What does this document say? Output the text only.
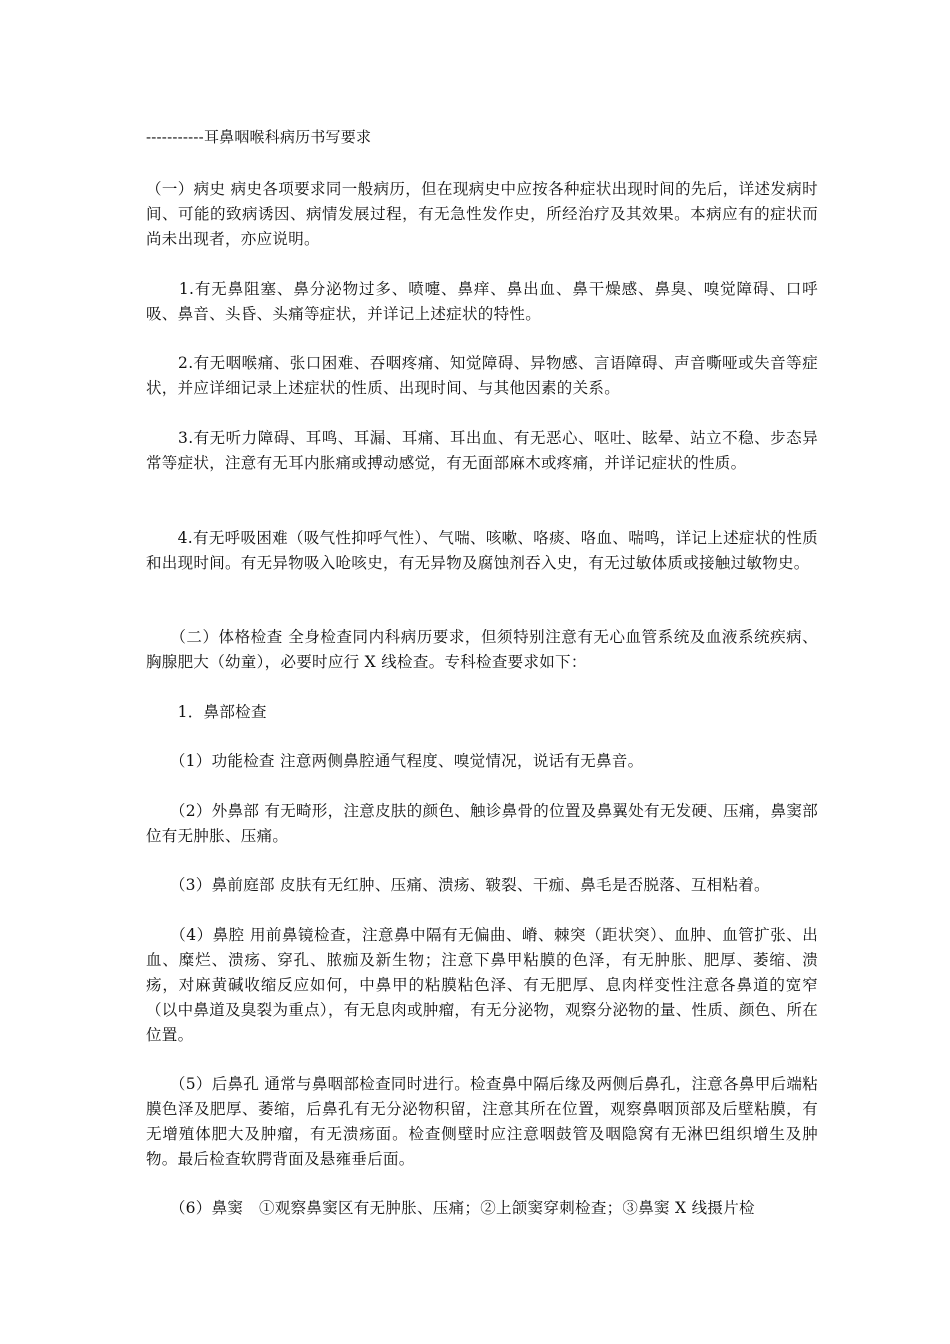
-----------耳鼻咽喉科病历书写要求
（一）病史 病史各项要求同一般病历，但在现病史中应按各种症状出现时间的先后，详述发病时间、可能的致病诱因、病情发展过程，有无急性发作史，所经治疗及其效果。本病应有的症状而尚未出现者，亦应说明。
　　1.有无鼻阻塞、鼻分泌物过多、喷嚏、鼻痒、鼻出血、鼻干燥感、鼻臭、嗅觉障碍、口呼吸、鼻音、头昏、头痛等症状，并详记上述症状的特性。
　　2.有无咽喉痛、张口困难、吞咽疼痛、知觉障碍、异物感、言语障碍、声音嘶哑或失音等症状，并应详细记录上述症状的性质、出现时间、与其他因素的关系。
　　3.有无听力障碍、耳鸣、耳漏、耳痛、耳出血、有无恶心、呕吐、眩晕、站立不稳、步态异常等症状，注意有无耳内胀痛或搏动感觉，有无面部麻木或疼痛，并详记症状的性质。
　　4.有无呼吸困难（吸气性抑呼气性）、气喘、咳嗽、咯痰、咯血、喘鸣，详记上述症状的性质和出现时间。有无异物吸入呛咳史，有无异物及腐蚀剂吞入史，有无过敏体质或接触过敏物史。
　　（二）体格检查 全身检查同内科病历要求，但须特别注意有无心血管系统及血液系统疾病、胸腺肥大（幼童），必要时应行 X 线检查。专科检查要求如下：
　　1．鼻部检查
　　（1）功能检查 注意两侧鼻腔通气程度、嗅觉情况，说话有无鼻音。
　　（2）外鼻部 有无畸形，注意皮肤的颜色、触诊鼻骨的位置及鼻翼处有无发硬、压痛，鼻窦部位有无肿胀、压痛。
　　（3）鼻前庭部 皮肤有无红肿、压痛、溃疡、皲裂、干痂、鼻毛是否脱落、互相粘着。
　　（4）鼻腔 用前鼻镜检查，注意鼻中隔有无偏曲、嵴、棘突（距状突）、血肿、血管扩张、出血、糜烂、溃疡、穿孔、脓痂及新生物；注意下鼻甲粘膜的色泽，有无肿胀、肥厚、萎缩、溃疡，对麻黄碱收缩反应如何，中鼻甲的粘膜粘色泽、有无肥厚、息肉样变性注意各鼻道的宽窄（以中鼻道及臭裂为重点），有无息肉或肿瘤，有无分泌物，观察分泌物的量、性质、颜色、所在位置。
　　（5）后鼻孔 通常与鼻咽部检查同时进行。检查鼻中隔后缘及两侧后鼻孔，注意各鼻甲后端粘膜色泽及肥厚、萎缩，后鼻孔有无分泌物积留，注意其所在位置，观察鼻咽顶部及后壁粘膜，有无增殖体肥大及肿瘤，有无溃疡面。检查侧壁时应注意咽鼓管及咽隐窝有无淋巴组织增生及肿物。最后检查软腭背面及悬雍垂后面。
　　（6）鼻窦　①观察鼻窦区有无肿胀、压痛；②上颌窦穿刺检查；③鼻窦 X 线摄片检
